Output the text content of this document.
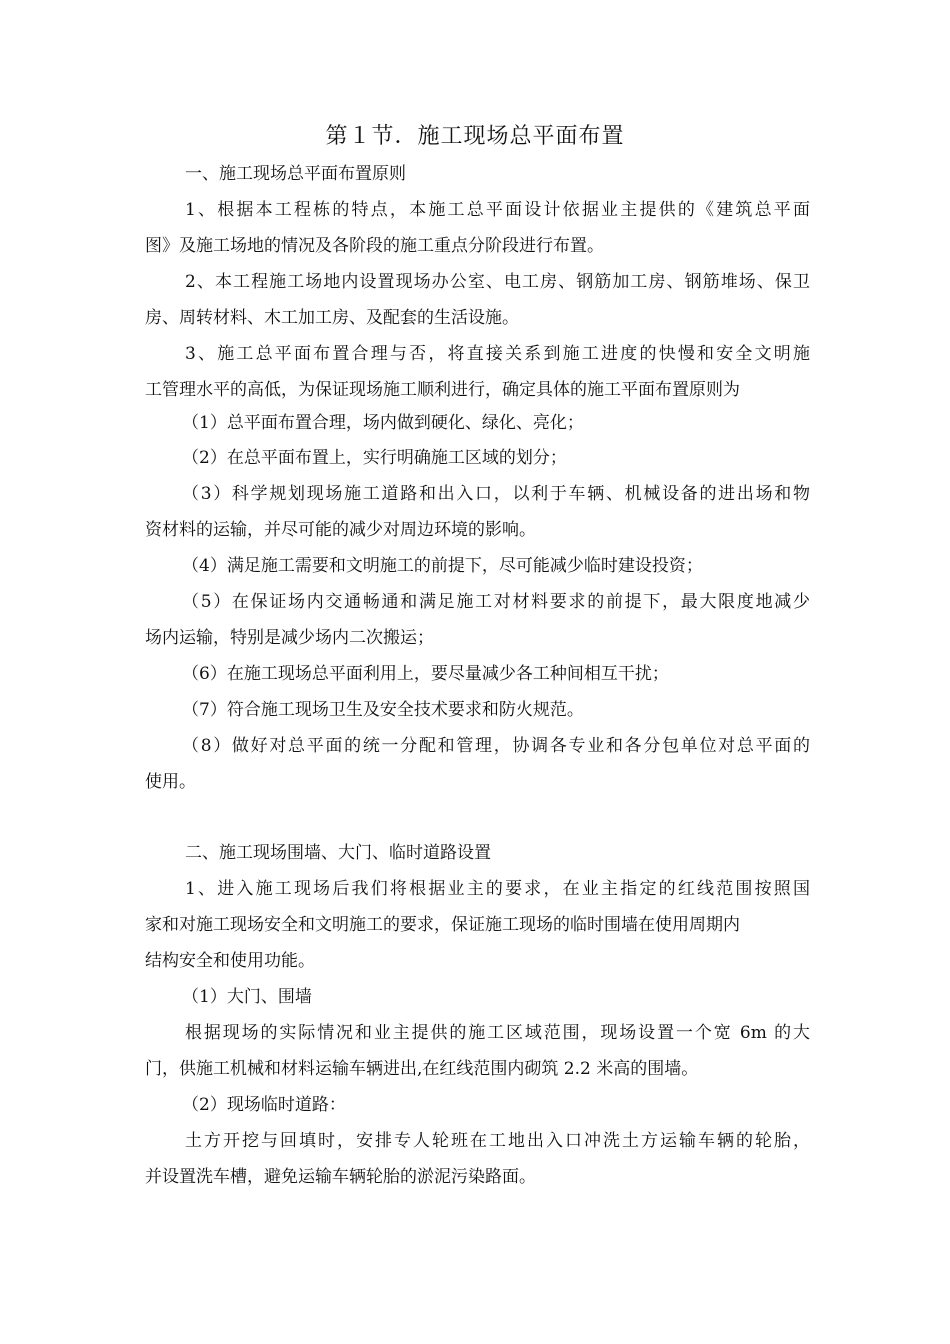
第１节．施工现场总平面布置

一、施工现场总平面布置原则

1、根据本工程栋的特点，本施工总平面设计依据业主提供的《建筑总平面

图》及施工场地的情况及各阶段的施工重点分阶段进行布置。

2、本工程施工场地内设置现场办公室、电工房、钢筋加工房、钢筋堆场、保卫

房、周转材料、木工加工房、及配套的生活设施。

3、施工总平面布置合理与否，将直接关系到施工进度的快慢和安全文明施

工管理水平的高低，为保证现场施工顺利进行，确定具体的施工平面布置原则为

（1）总平面布置合理，场内做到硬化、绿化、亮化；

（2）在总平面布置上，实行明确施工区域的划分；

（3）科学规划现场施工道路和出入口，以利于车辆、机械设备的进出场和物

资材料的运输，并尽可能的减少对周边环境的影响。

（4）满足施工需要和文明施工的前提下，尽可能减少临时建设投资；

（5）在保证场内交通畅通和满足施工对材料要求的前提下，最大限度地减少

场内运输，特别是减少场内二次搬运；

（6）在施工现场总平面利用上，要尽量减少各工种间相互干扰；

（7）符合施工现场卫生及安全技术要求和防火规范。

（8）做好对总平面的统一分配和管理，协调各专业和各分包单位对总平面的

使用。

二、施工现场围墙、大门、临时道路设置

1、进入施工现场后我们将根据业主的要求，在业主指定的红线范围按照国

家和对施工现场安全和文明施工的要求，保证施工现场的临时围墙在使用周期内

结构安全和使用功能。

（1）大门、围墙

根据现场的实际情况和业主提供的施工区域范围，现场设置一个宽 6m 的大

门，供施工机械和材料运输车辆进出,在红线范围内砌筑 2.2 米高的围墙。

（2）现场临时道路：

土方开挖与回填时，安排专人轮班在工地出入口冲洗土方运输车辆的轮胎，

并设置洗车槽，避免运输车辆轮胎的淤泥污染路面。
